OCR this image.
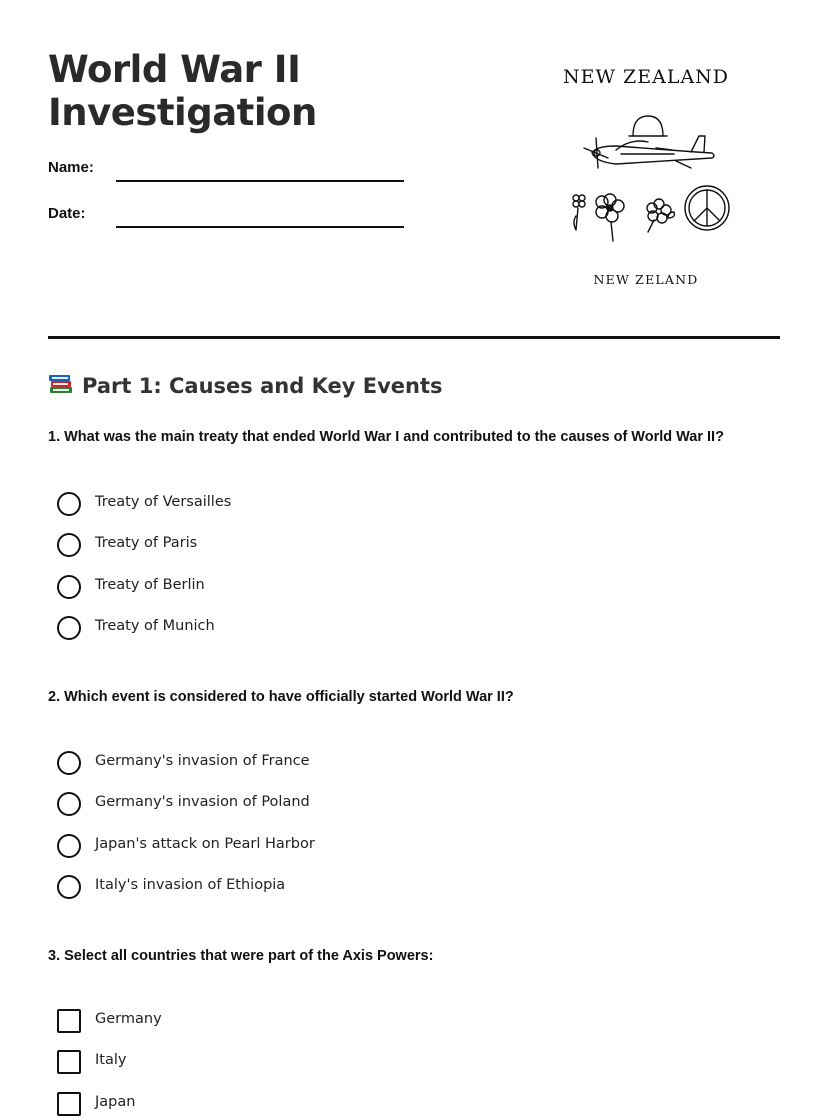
World War II
Investigation
Name:
Date:
NEW ZEALAND
NEW ZELAND
Part 1: Causes and Key Events
1. What was the main treaty that ended World War I and contributed to the causes of World War II?
Treaty of Versailles
Treaty of Paris
Treaty of Berlin
Treaty of Munich
2. Which event is considered to have officially started World War II?
Germany's invasion of France
Germany's invasion of Poland
Japan's attack on Pearl Harbor
Italy's invasion of Ethiopia
3. Select all countries that were part of the Axis Powers:
Germany
Italy
Japan
